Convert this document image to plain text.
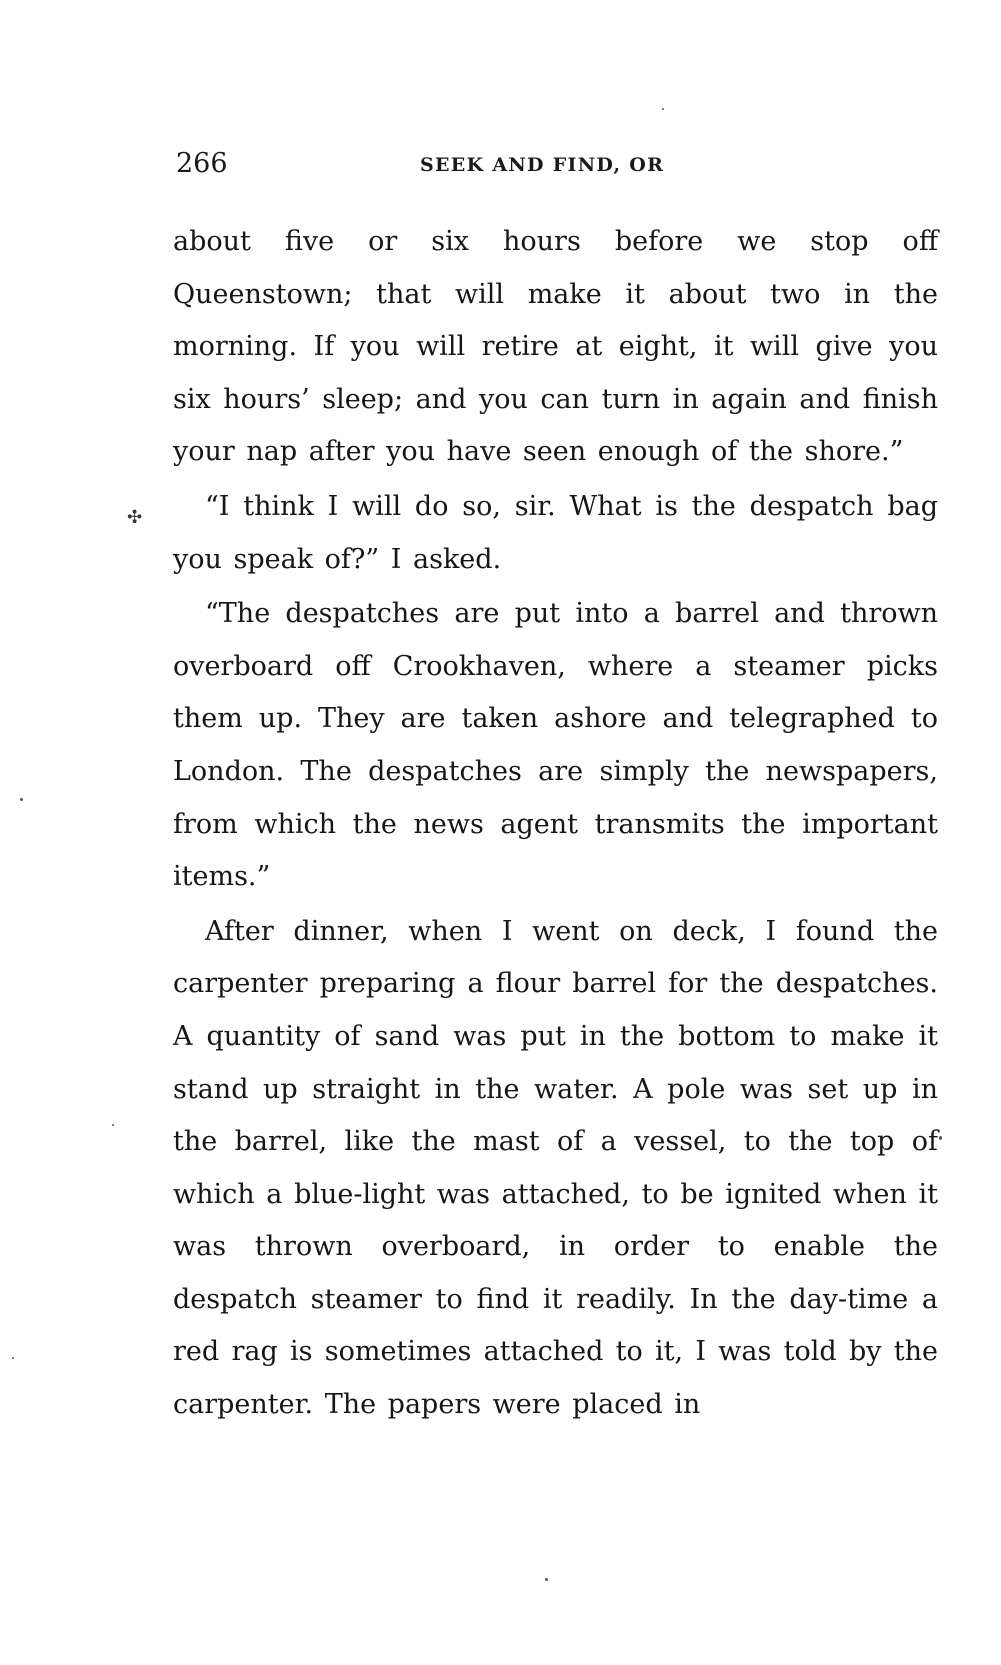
266	SEEK AND FIND, OR
✣

about five or six hours before we stop off Queenstown; that will make it about two in the morning. If you will retire at eight, it will give you six hours’ sleep; and you can turn in again and finish your nap after you have seen enough of the shore.”

“I think I will do so, sir. What is the despatch bag you speak of?” I asked.

“The despatches are put into a barrel and thrown overboard off Crookhaven, where a steamer picks them up. They are taken ashore and telegraphed to London. The despatches are simply the newspapers, from which the news agent transmits the important items.”

After dinner, when I went on deck, I found the carpenter preparing a flour barrel for the despatches. A quantity of sand was put in the bottom to make it stand up straight in the water. A pole was set up in the barrel, like the mast of a vessel, to the top of which a blue-light was attached, to be ignited when it was thrown overboard, in order to enable the despatch steamer to find it readily. In the day-time a red rag is sometimes attached to it, I was told by the carpenter. The papers were placed in
